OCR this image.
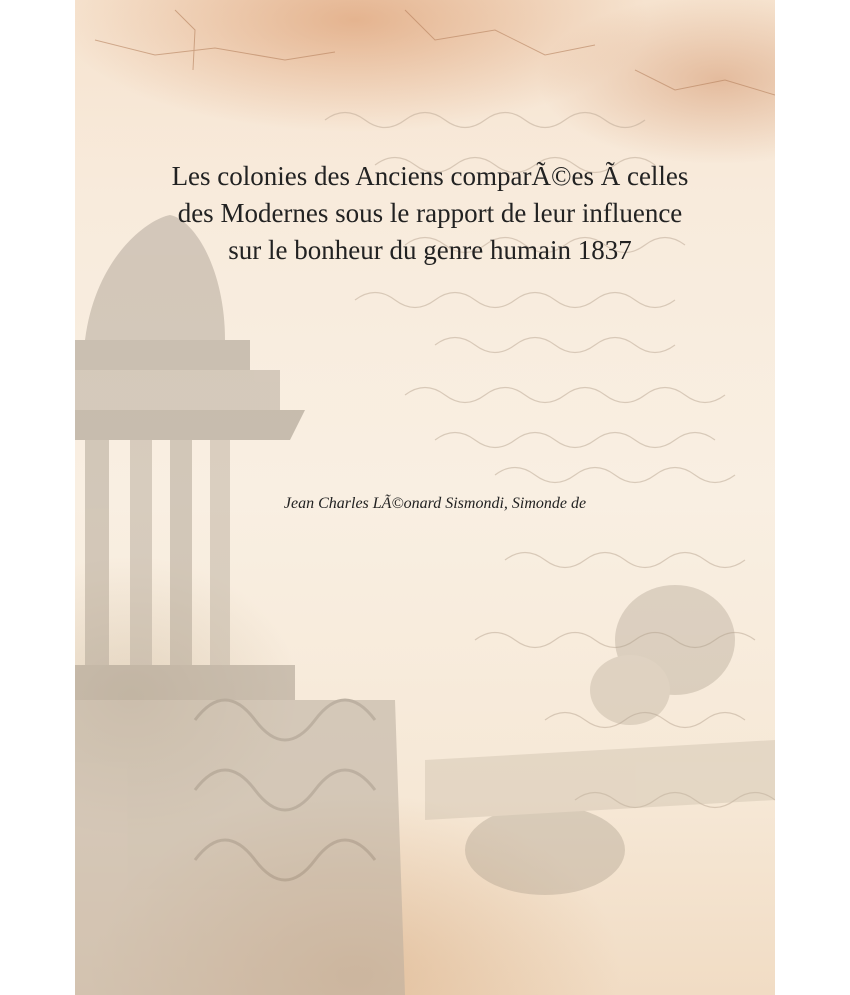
Les colonies des Anciens comparÃ©es Ã celles des Modernes sous le rapport de leur influence sur le bonheur du genre humain 1837

Jean Charles LÃ©onard Sismondi, Simonde de
